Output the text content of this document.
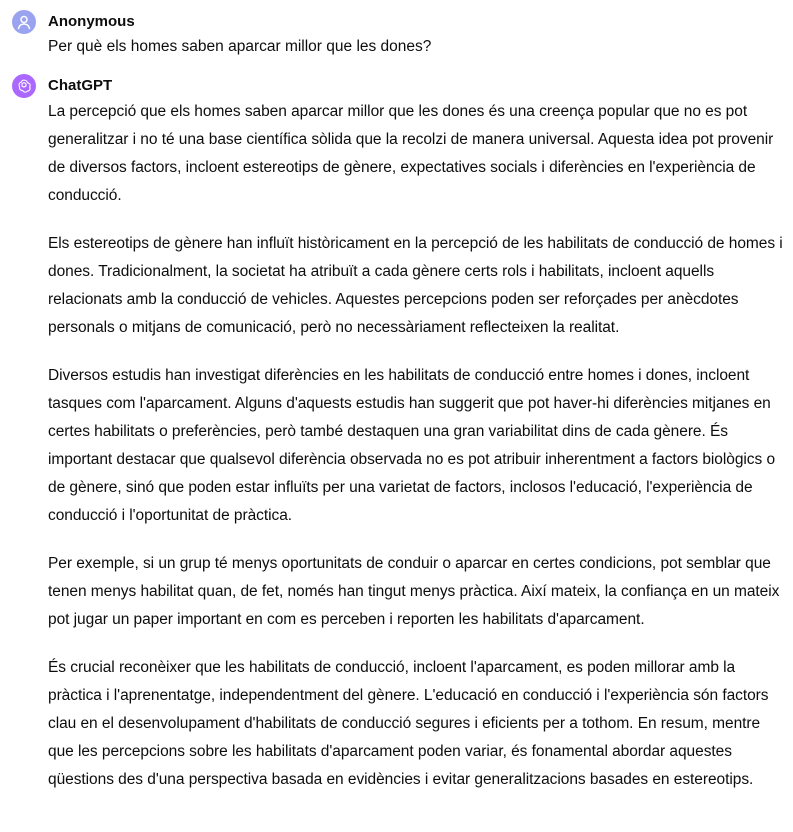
Anonymous
Per què els homes saben aparcar millor que les dones?
ChatGPT

La percepció que els homes saben aparcar millor que les dones és una creença popular que no es pot generalitzar i no té una base científica sòlida que la recolzi de manera universal. Aquesta idea pot provenir de diversos factors, incloent estereotips de gènere, expectatives socials i diferències en l'experiència de conducció.

Els estereotips de gènere han influït històricament en la percepció de les habilitats de conducció de homes i dones. Tradicionalment, la societat ha atribuït a cada gènere certs rols i habilitats, incloent aquells relacionats amb la conducció de vehicles. Aquestes percepcions poden ser reforçades per anècdotes personals o mitjans de comunicació, però no necessàriament reflecteixen la realitat.

Diversos estudis han investigat diferències en les habilitats de conducció entre homes i dones, incloent tasques com l'aparcament. Alguns d'aquests estudis han suggerit que pot haver-hi diferències mitjanes en certes habilitats o preferències, però també destaquen una gran variabilitat dins de cada gènere. És important destacar que qualsevol diferència observada no es pot atribuir inherentment a factors biològics o de gènere, sinó que poden estar influïts per una varietat de factors, inclosos l'educació, l'experiència de conducció i l'oportunitat de pràctica.

Per exemple, si un grup té menys oportunitats de conduir o aparcar en certes condicions, pot semblar que tenen menys habilitat quan, de fet, només han tingut menys pràctica. Així mateix, la confiança en un mateix pot jugar un paper important en com es perceben i reporten les habilitats d'aparcament.

És crucial reconèixer que les habilitats de conducció, incloent l'aparcament, es poden millorar amb la pràctica i l'aprenentatge, independentment del gènere. L'educació en conducció i l'experiència són factors clau en el desenvolupament d'habilitats de conducció segures i eficients per a tothom. En resum, mentre que les percepcions sobre les habilitats d'aparcament poden variar, és fonamental abordar aquestes qüestions des d'una perspectiva basada en evidències i evitar generalitzacions basades en estereotips.
